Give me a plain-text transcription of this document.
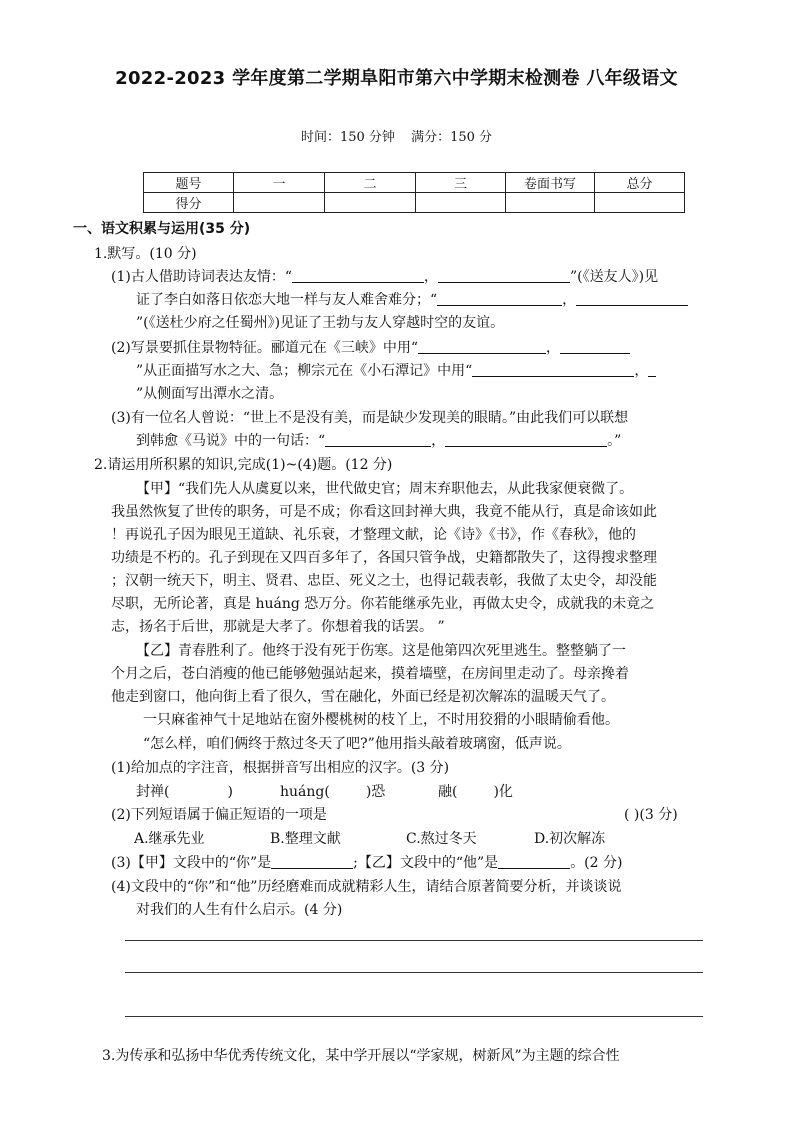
2022-2023 学年度第二学期阜阳市第六中学期末检测卷 八年级语文
时间：150 分钟 满分：150 分
题号	一	二	三	卷面书写	总分
得分					
一、语文积累与运用(35 分)
1.默写。(10 分)
(1)古人借助诗词表达友情：“	，	”(《送友人》)见
证了李白如落日依恋大地一样与友人难舍难分；“	，
”(《送杜少府之任蜀州》)见证了王勃与友人穿越时空的友谊。
(2)写景要抓住景物特征。郦道元在《三峡》中用“	，
”从正面描写水之大、急；柳宗元在《小石潭记》中用“	，
”从侧面写出潭水之清。
(3)有一位名人曾说：“世上不是没有美，而是缺少发现美的眼睛。”由此我们可以联想
到韩愈《马说》中的一句话：“	，	。”
2.请运用所积累的知识,完成(1)~(4)题。(12 分)
【甲】“我们先人从虞夏以来，世代做史官；周末弃职他去，从此我家便衰微了。
我虽然恢复了世传的职务，可是不成；你看这回封禅大典，我竟不能从行，真是命该如此
！再说孔子因为眼见王道缺、礼乐衰，才整理文献，论《诗》《书》，作《春秋》，他的
功绩是不朽的。孔子到现在又四百多年了，各国只管争战，史籍都散失了，这得搜求整理
；汉朝一统天下，明主、贤君、忠臣、死义之士，也得记载表彰，我做了太史令，却没能
尽职，无所论著，真是 huáng 恐万分。你若能继承先业，再做太史令，成就我的未竟之
志，扬名于后世，那就是大孝了。你想着我的话罢。 ”
【乙】青春胜利了。他终于没有死于伤寒。这是他第四次死里逃生。整整躺了一
个月之后，苍白消瘦的他已能够勉强站起来，摸着墙壁，在房间里走动了。母亲搀着
他走到窗口，他向街上看了很久，雪在融化，外面已经是初次解冻的温暖天气了。
一只麻雀神气十足地站在窗外樱桃树的枝丫上，不时用狡猾的小眼睛偷看他。
“怎么样，咱们俩终于熬过冬天了吧?”他用指头敲着玻璃窗，低声说。
(1)给加点的字注音，根据拼音写出相应的汉字。(3 分)
封禅(	)	huáng(	)恐	融(	)化
(2)下列短语属于偏正短语的一项是	( )(3 分)
A.继承先业	B.整理文献	C.熬过冬天	D.初次解冻
(3)【甲】文段中的“你”是	;【乙】文段中的“他”是	。(2 分)
(4)文段中的“你”和“他”历经磨难而成就精彩人生，请结合原著简要分析，并谈谈说
对我们的人生有什么启示。(4 分)
3.为传承和弘扬中华优秀传统文化，某中学开展以“学家规，树新风”为主题的综合性
